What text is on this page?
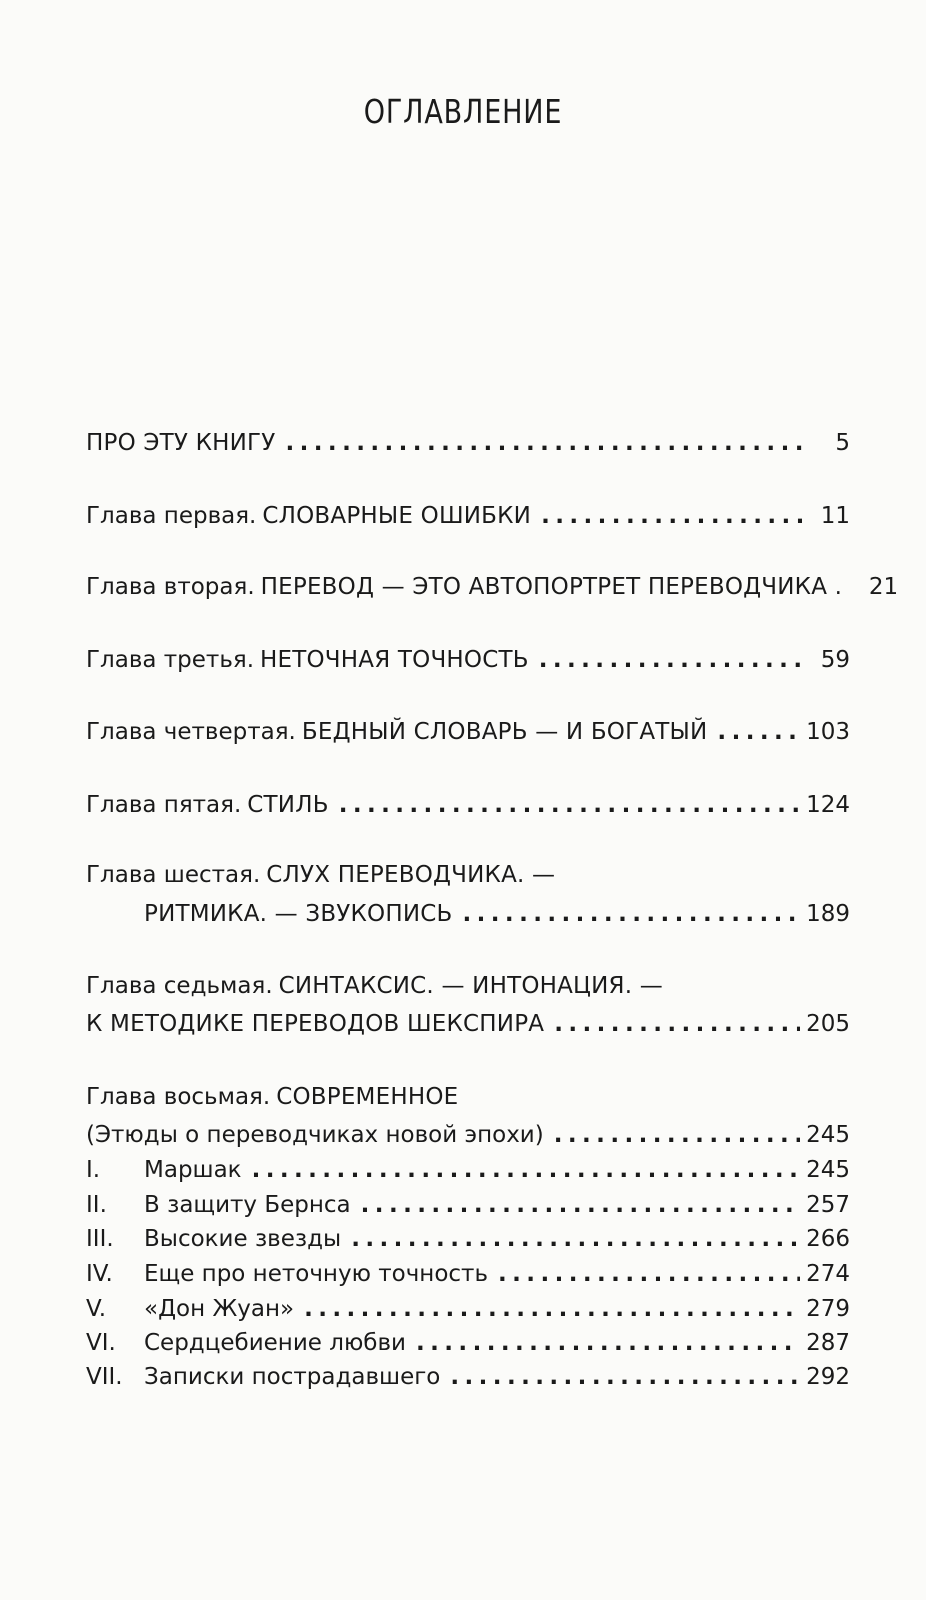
ОГЛАВЛЕНИЕ
ПРО ЭТУ КНИГУ . . .	5
Глава первая. СЛОВАРНЫЕ ОШИБКИ . . .	11
Глава вторая. ПЕРЕВОД — ЭТО АВТОПОРТРЕТ ПЕРЕВОДЧИКА .	21
Глава третья. НЕТОЧНАЯ ТОЧНОСТЬ . . .	59
Глава четвертая. БЕДНЫЙ СЛОВАРЬ — И БОГАТЫЙ . . .	103
Глава пятая. СТИЛЬ . . .	124
Глава шестая. СЛУХ ПЕРЕВОДЧИКА. —
РИТМИКА. — ЗВУКОПИСЬ . . .	189
Глава седьмая. СИНТАКСИС. — ИНТОНАЦИЯ. —
К МЕТОДИКЕ ПЕРЕВОДОВ ШЕКСПИРА . . .	205
Глава восьмая. СОВРЕМЕННОЕ
(Этюды о переводчиках новой эпохи) . . .	245
I.	Маршак . . .	245
II.	В защиту Бернса . . .	257
III.	Высокие звезды . . .	266
IV.	Еще про неточную точность . . .	274
V.	«Дон Жуан» . . .	279
VI.	Сердцебиение любви . . .	287
VII. Записки пострадавшего . . .	292
